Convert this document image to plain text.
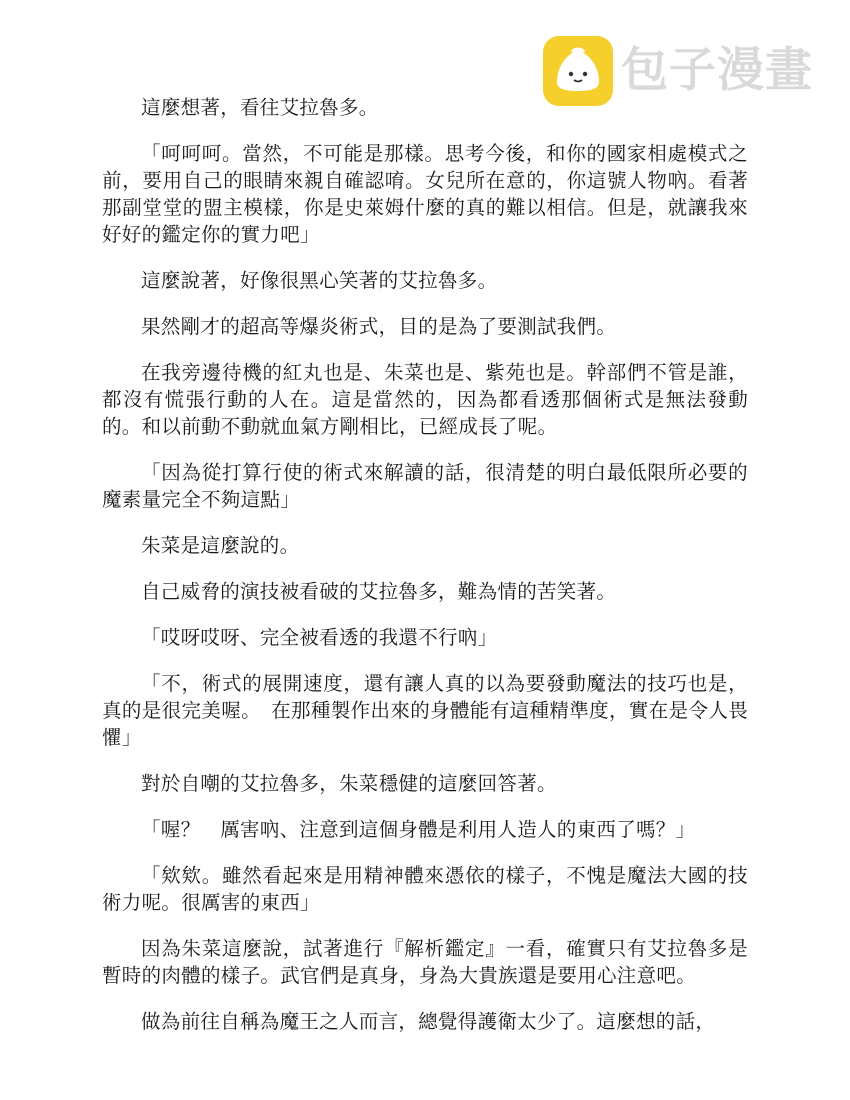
包子漫畫

這麼想著，看往艾拉魯多。

「呵呵呵。當然，不可能是那樣。思考今後，和你的國家相處模式之前，要用自己的眼睛來親自確認唷。女兒所在意的，你這號人物吶。看著那副堂堂的盟主模樣，你是史萊姆什麼的真的難以相信。但是，就讓我來好好的鑑定你的實力吧」

這麼說著，好像很黑心笑著的艾拉魯多。

果然剛才的超高等爆炎術式，目的是為了要測試我們。

在我旁邊待機的紅丸也是、朱菜也是、紫苑也是。幹部們不管是誰，都沒有慌張行動的人在。這是當然的，因為都看透那個術式是無法發動的。和以前動不動就血氣方剛相比，已經成長了呢。

「因為從打算行使的術式來解讀的話，很清楚的明白最低限所必要的魔素量完全不夠這點」

朱菜是這麼說的。

自己威脅的演技被看破的艾拉魯多，難為情的苦笑著。

「哎呀哎呀、完全被看透的我還不行吶」

「不，術式的展開速度，還有讓人真的以為要發動魔法的技巧也是，真的是很完美喔。　在那種製作出來的身體能有這種精準度，實在是令人畏懼」

對於自嘲的艾拉魯多，朱菜穩健的這麼回答著。

「喔？　厲害吶、注意到這個身體是利用人造人的東西了嗎？」

「欸欸。雖然看起來是用精神體來憑依的樣子，不愧是魔法大國的技術力呢。很厲害的東西」

因為朱菜這麼說，試著進行『解析鑑定』一看，確實只有艾拉魯多是暫時的肉體的樣子。武官們是真身，身為大貴族還是要用心注意吧。

做為前往自稱為魔王之人而言，總覺得護衛太少了。這麼想的話，
